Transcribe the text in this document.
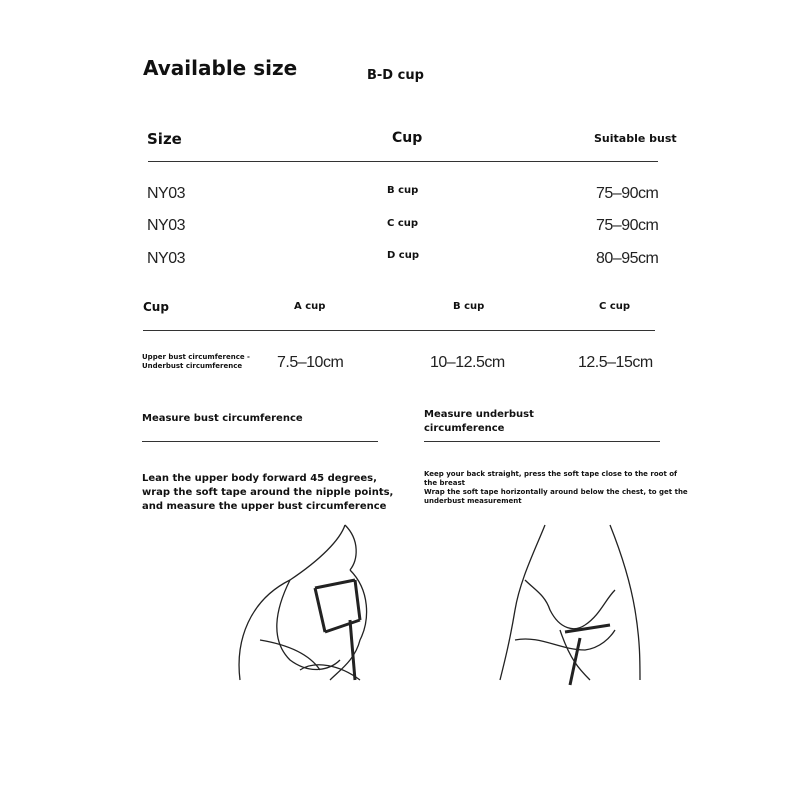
Available size	B-D cup
Size	Cup	Suitable bust
NY03	B cup	75–90cm
NY03	C cup	75–90cm
NY03	D cup	80–95cm
Cup	A cup	B cup	C cup
Upper bust circumference -
Underbust circumference 7.5–10cm	10–12.5cm	12.5–15cm
Measure bust circumference	Measure underbust
circumference
Lean the upper body forward 45 degrees,
wrap the soft tape around the nipple points,
and measure the upper bust circumference
Keep your back straight, press the soft tape close to the root of
the breast
Wrap the soft tape horizontally around below the chest, to get the
underbust measurement
